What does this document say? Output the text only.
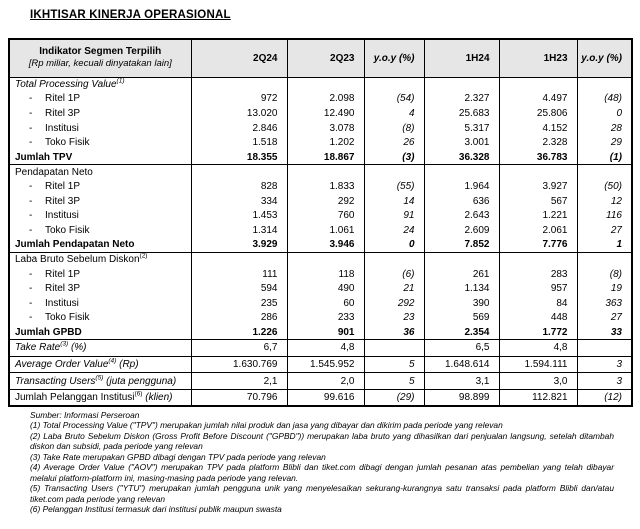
IKHTISAR KINERJA OPERASIONAL
Indikator Segmen Terpilih
[Rp miliar, kecuali dinyatakan lain]	2Q24	2Q23	y.o.y (%)	1H24	1H23	y.o.y (%)
Total Processing Value$^{(1)}$						
- Ritel 1P	972	2.098	(54)	2.327	4.497	(48)
- Ritel 3P	13.020	12.490	4	25.683	25.806	0
- Institusi	2.846	3.078	(8)	5.317	4.152	28
- Toko Fisik	1.518	1.202	26	3.001	2.328	29
Jumlah TPV	18.355	18.867	(3)	36.328	36.783	(1)
Pendapatan Neto						
- Ritel 1P	828	1.833	(55)	1.964	3.927	(50)
- Ritel 3P	334	292	14	636	567	12
- Institusi	1.453	760	91	2.643	1.221	116
- Toko Fisik	1.314	1.061	24	2.609	2.061	27
Jumlah Pendapatan Neto	3.929	3.946	0	7.852	7.776	1
Laba Bruto Sebelum Diskon$^{(2)}$						
- Ritel 1P	111	118	(6)	261	283	(8)
- Ritel 3P	594	490	21	1.134	957	19
- Institusi	235	60	292	390	84	363
- Toko Fisik	286	233	23	569	448	27
Jumlah GPBD	1.226	901	36	2.354	1.772	33
Take Rate$^{(3)}$ (%)	6,7	4,8		6,5	4,8	
Average Order Value$^{(4)}$ (Rp)	1.630.769	1.545.952	5	1.648.614	1.594.111	3
Transacting Users$^{(5)}$ (juta pengguna)	2,1	2,0	5	3,1	3,0	3
Jumlah Pelanggan Institusi$^{(6)}$ (klien)	70.796	99.616	(29)	98.899	112.821	(12)
Sumber: Informasi Perseroan
(1) Total Processing Value ("TPV") merupakan jumlah nilai produk dan jasa yang dibayar dan dikirim pada periode yang relevan
(2) Laba Bruto Sebelum Diskon (Gross Profit Before Discount ("GPBD")) merupakan laba bruto yang dihasilkan dari penjualan langsung, setelah ditambah diskon dan subsidi, pada periode yang relevan
(3) Take Rate merupakan GPBD dibagi dengan TPV pada periode yang relevan
(4) Average Order Value ("AOV") merupakan TPV pada platform Blibli dan tiket.com dibagi dengan jumlah pesanan atas pembelian yang telah dibayar melalui platform-platform ini, masing-masing pada periode yang relevan.
(5) Transacting Users ("YTU") merupakan jumlah pengguna unik yang menyelesaikan sekurang-kurangnya satu transaksi pada platform Blibli dan/atau tiket.com pada periode yang relevan
(6) Pelanggan Institusi termasuk dari institusi publik maupun swasta
